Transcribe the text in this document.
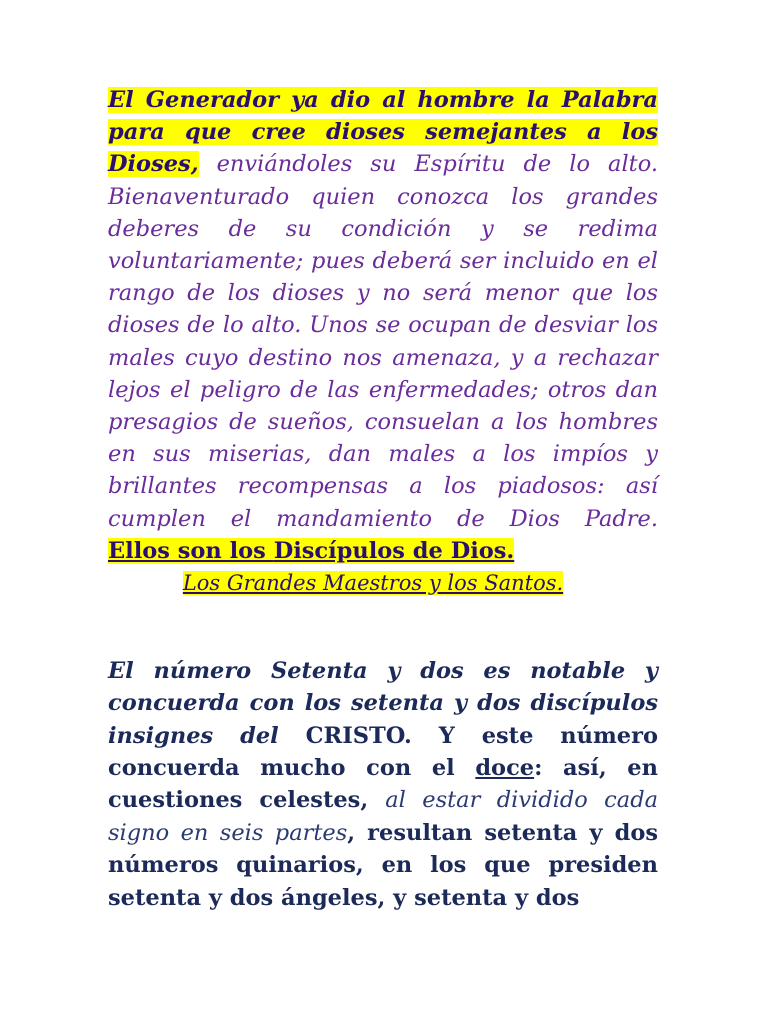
El Generador ya dio al hombre la Palabra para que cree dioses semejantes a los Dioses, enviándoles su Espíritu de lo alto. Bienaventurado quien conozca los grandes deberes de su condición y se redima voluntariamente; pues deberá ser incluido en el rango de los dioses y no será menor que los dioses de lo alto. Unos se ocupan de desviar los males cuyo destino nos amenaza, y a rechazar lejos el peligro de las enfermedades; otros dan presagios de sueños, consuelan a los hombres en sus miserias, dan males a los impíos y brillantes recompensas a los piadosos: así cumplen el mandamiento de Dios Padre.

Ellos son los Discípulos de Dios.
Los Grandes Maestros y los Santos.

El número Setenta y dos es notable y concuerda con los setenta y dos discípulos insignes del CRISTO. Y este número concuerda mucho con el doce: así, en cuestiones celestes, al estar dividido cada signo en seis partes, resultan setenta y dos números quinarios, en los que presiden setenta y dos ángeles, y setenta y dos
